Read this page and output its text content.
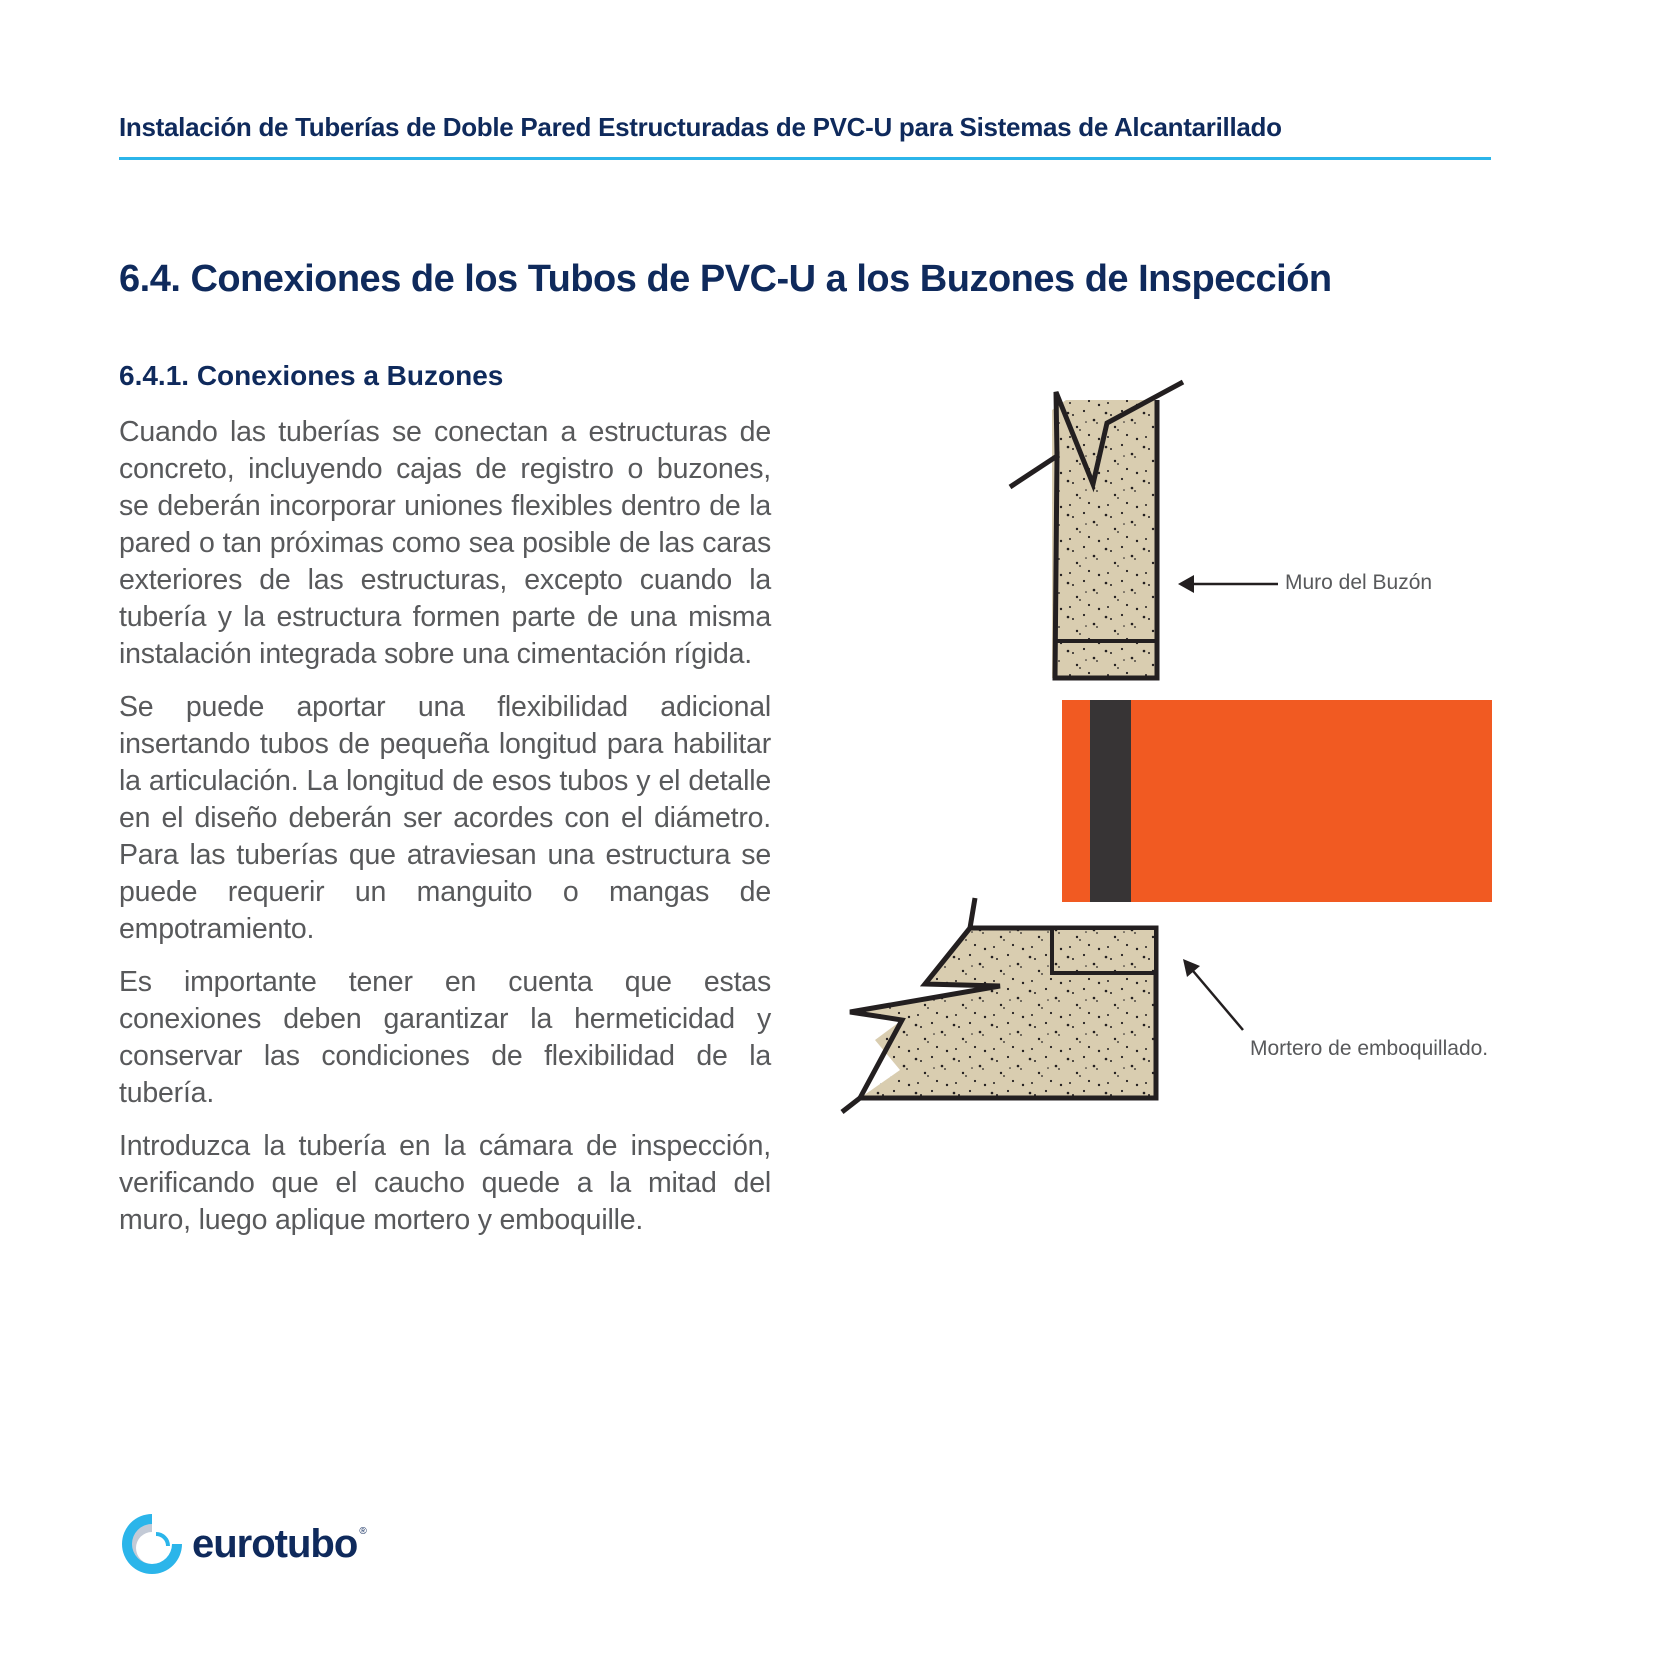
Instalación de Tuberías de Doble Pared Estructuradas de PVC-U para Sistemas de Alcantarillado
6.4. Conexiones de los Tubos de PVC-U a los Buzones de Inspección
6.4.1. Conexiones a Buzones

Cuando las tuberías se conectan a estructuras de concreto, incluyendo cajas de registro o buzones, se deberán incorporar uniones flexibles dentro de la pared o tan próximas como sea posible de las caras exteriores de las estructuras, excepto cuando la tubería y la estructura formen parte de una misma instalación integrada sobre una cimentación rígida.

Se puede aportar una flexibilidad adicional insertando tubos de pequeña longitud para habilitar la articulación. La longitud de esos tubos y el detalle en el diseño deberán ser acordes con el diámetro. Para las tuberías que atraviesan una estructura se puede requerir un manguito o mangas de empotramiento.

Es importante tener en cuenta que estas conexiones deben garantizar la hermeticidad y conservar las condiciones de flexibilidad de la tubería.

Introduzca la tubería en la cámara de inspección, verificando que el caucho quede a la mitad del muro, luego aplique mortero y emboquille.

Muro del Buzón
Mortero de emboquillado.
eurotubo ®
